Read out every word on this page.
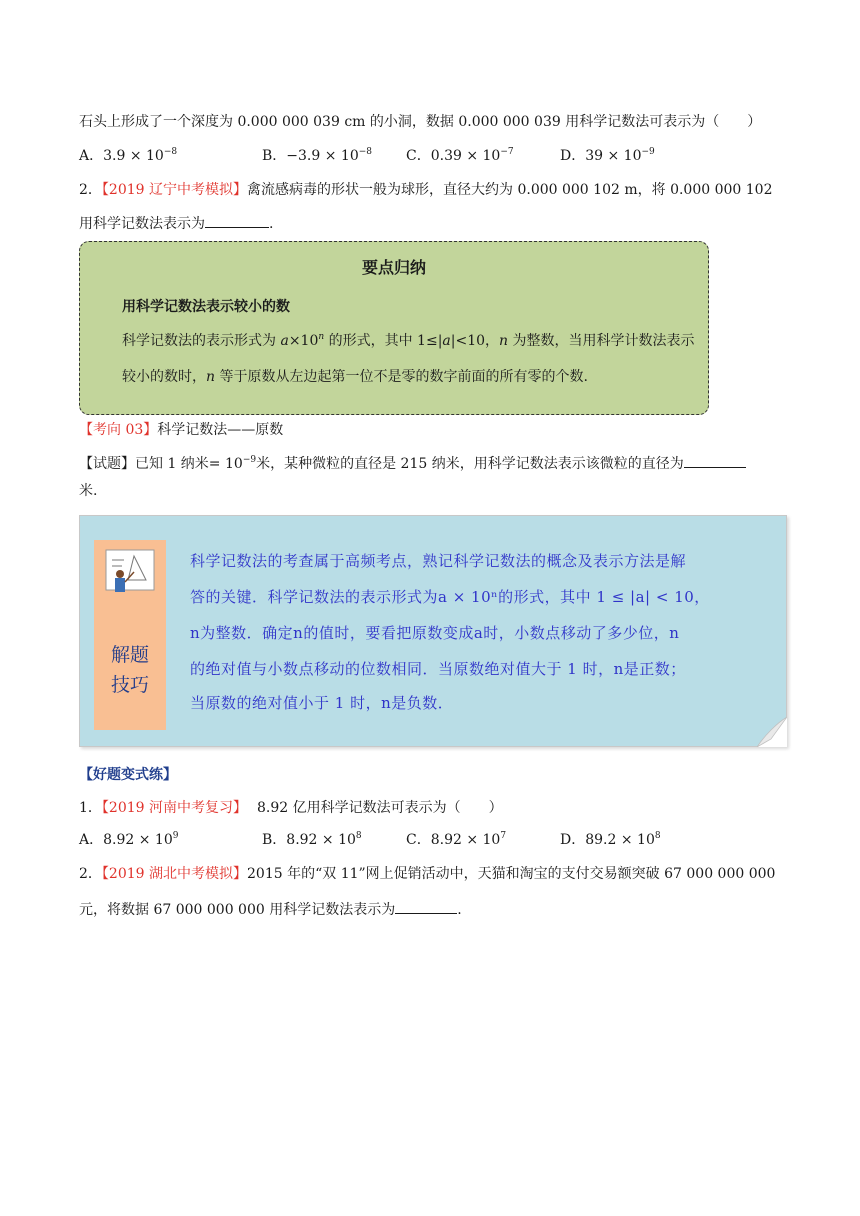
石头上形成了一个深度为 0.000 000 039 cm 的小洞，数据 0.000 000 039 用科学记数法可表示为（　　）
A．$3.9 \times 10^{-8}$	B．$-3.9 \times 10^{-8}$ C．$0.39 \times 10^{-7}$	D．$39 \times 10^{-9}$
2．【2019 辽宁中考模拟】禽流感病毒的形状一般为球形，直径大约为 0.000 000 102 m，将 0.000 000 102
用科学记数法表示为	.
要点归纳
用科学记数法表示较小的数
科学记数法的表示形式为 $a\times 10^n$ 的形式，其中 1≤|a|<10，n 为整数，当用科学计数法表示
较小的数时，n 等于原数从左边起第一位不是零的数字前面的所有零的个数.
【考向 03】科学记数法——原数
【试题】已知 1 纳米= $10^{-9}$米，某种微粒的直径是 215 纳米，用科学记数法表示该微粒的直径为
米.
解题
技巧
科学记数法的考查属于高频考点，熟记科学记数法的概念及表示方法是解
答的关键．科学记数法的表示形式为a × 10ⁿ的形式，其中 1 ≤ |a| < 10，
n为整数．确定n的值时，要看把原数变成a时，小数点移动了多少位，n
的绝对值与小数点移动的位数相同．当原数绝对值大于 1 时，n是正数；
当原数的绝对值小于 1 时，n是负数．
【好题变式练】
1．【2019 河南中考复习】 8.92 亿用科学记数法可表示为（　　）
A．$8.92 \times 10^9$	B．$8.92 \times 10^8$	C．$8.92 \times 10^7$	D．$89.2 \times 10^8$
2．【2019 湖北中考模拟】2015 年的“双 11”网上促销活动中，天猫和淘宝的支付交易额突破 67 000 000 000
元，将数据 67 000 000 000 用科学记数法表示为	.
